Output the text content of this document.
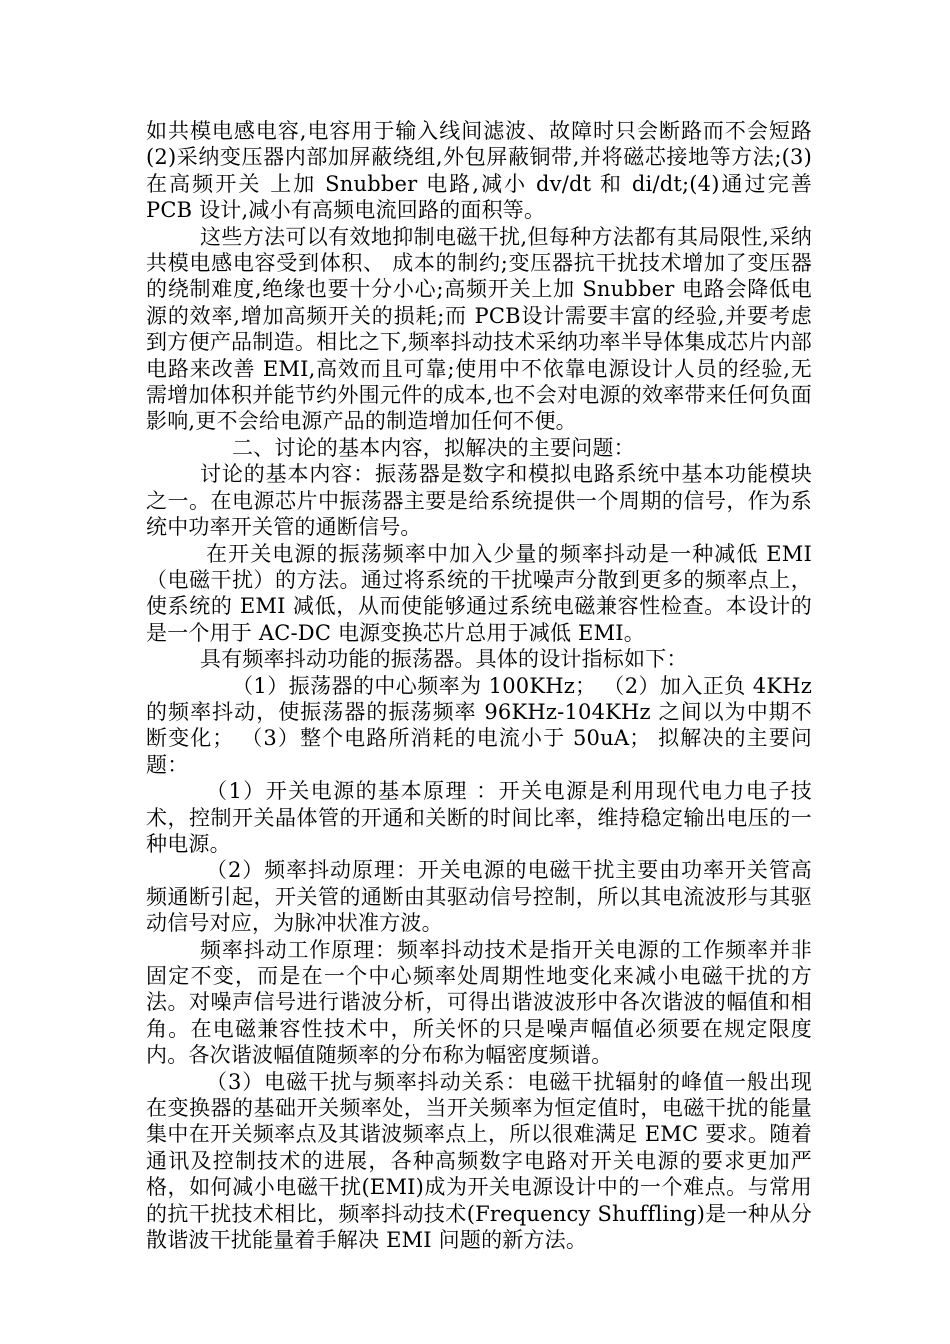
如共模电感电容,电容用于输入线间滤波、故障时只会断路而不会短路(2)采纳变压器内部加屏蔽绕组,外包屏蔽铜带,并将磁芯接地等方法;(3)在高频开关 上加 Snubber 电路,减小 dv/dt 和 di/dt;(4)通过完善 PCB 设计,减小有高频电流回路的面积等。

这些方法可以有效地抑制电磁干扰,但每种方法都有其局限性,采纳共模电感电容受到体积、 成本的制约;变压器抗干扰技术增加了变压器的绕制难度,绝缘也要十分小心;高频开关上加 Snubber 电路会降低电源的效率,增加高频开关的损耗;而 PCB设计需要丰富的经验,并要考虑到方便产品制造。相比之下,频率抖动技术采纳功率半导体集成芯片内部电路来改善 EMI,高效而且可靠;使用中不依靠电源设计人员的经验,无需增加体积并能节约外围元件的成本,也不会对电源的效率带来任何负面影响,更不会给电源产品的制造增加任何不便。

二、讨论的基本内容，拟解决的主要问题：

讨论的基本内容：振荡器是数字和模拟电路系统中基本功能模块之一。在电源芯片中振荡器主要是给系统提供一个周期的信号，作为系统中功率开关管的通断信号。

在开关电源的振荡频率中加入少量的频率抖动是一种减低 EMI（电磁干扰）的方法。通过将系统的干扰噪声分散到更多的频率点上，使系统的 EMI 减低，从而使能够通过系统电磁兼容性检查。本设计的是一个用于 AC-DC 电源变换芯片总用于减低 EMI。

具有频率抖动功能的振荡器。具体的设计指标如下：

（1）振荡器的中心频率为 100KHz； （2）加入正负 4KHz 的频率抖动，使振荡器的振荡频率 96KHz-104KHz 之间以为中期不断变化； （3）整个电路所消耗的电流小于 50uA； 拟解决的主要问题：

（1）开关电源的基本原理 ：开关电源是利用现代电力电子技术，控制开关晶体管的开通和关断的时间比率，维持稳定输出电压的一种电源。

（2）频率抖动原理：开关电源的电磁干扰主要由功率开关管高频通断引起，开关管的通断由其驱动信号控制，所以其电流波形与其驱动信号对应，为脉冲状准方波。

频率抖动工作原理：频率抖动技术是指开关电源的工作频率并非固定不变，而是在一个中心频率处周期性地变化来减小电磁干扰的方法。对噪声信号进行谐波分析，可得出谐波波形中各次谐波的幅值和相角。在电磁兼容性技术中，所关怀的只是噪声幅值必须要在规定限度内。各次谐波幅值随频率的分布称为幅密度频谱。

（3）电磁干扰与频率抖动关系：电磁干扰辐射的峰值一般出现在变换器的基础开关频率处，当开关频率为恒定值时，电磁干扰的能量集中在开关频率点及其谐波频率点上，所以很难满足 EMC 要求。随着通讯及控制技术的进展，各种高频数字电路对开关电源的要求更加严格，如何减小电磁干扰(EMI)成为开关电源设计中的一个难点。与常用的抗干扰技术相比，频率抖动技术(Frequency Shuffling)是一种从分散谐波干扰能量着手解决 EMI 问题的新方法。
